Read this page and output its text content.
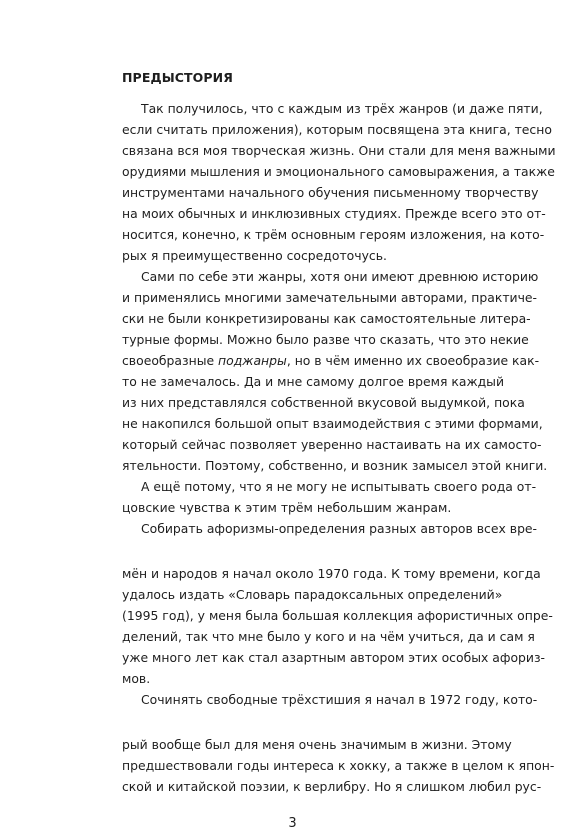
ПРЕДЫСТОРИЯ
Так получилось, что с каждым из трёх жанров (и даже пяти,
если считать приложения), которым посвящена эта книга, тесно
связана вся моя творческая жизнь. Они стали для меня важными
орудиями мышления и эмоционального самовыражения, а также
инструментами начального обучения письменному творчеству
на моих обычных и инклюзивных студиях. Прежде всего это от-
носится, конечно, к трём основным героям изложения, на кото-
рых я преимущественно сосредоточусь.
Сами по себе эти жанры, хотя они имеют древнюю историю
и применялись многими замечательными авторами, практиче-
ски не были конкретизированы как самостоятельные литера-
турные формы. Можно было разве что сказать, что это некие
своеобразные поджанры, но в чём именно их своеобразие как-
то не замечалось. Да и мне самому долгое время каждый
из них представлялся собственной вкусовой выдумкой, пока
не накопился большой опыт взаимодействия с этими формами,
который сейчас позволяет уверенно настаивать на их самосто-
ятельности. Поэтому, собственно, и возник замысел этой книги.
А ещё потому, что я не могу не испытывать своего рода от-
цовские чувства к этим трём небольшим жанрам.
Собирать афоризмы-определения разных авторов всех вре-
мён и народов я начал около 1970 года. К тому времени, когда
удалось издать «Словарь парадоксальных определений»
(1995 год), у меня была большая коллекция афористичных опре-
делений, так что мне было у кого и на чём учиться, да и сам я
уже много лет как стал азартным автором этих особых афориз-
мов.
Сочинять свободные трёхстишия я начал в 1972 году, кото-
рый вообще был для меня очень значимым в жизни. Этому
предшествовали годы интереса к хокку, а также в целом к япон-
ской и китайской поэзии, к верлибру. Но я слишком любил рус-
3
